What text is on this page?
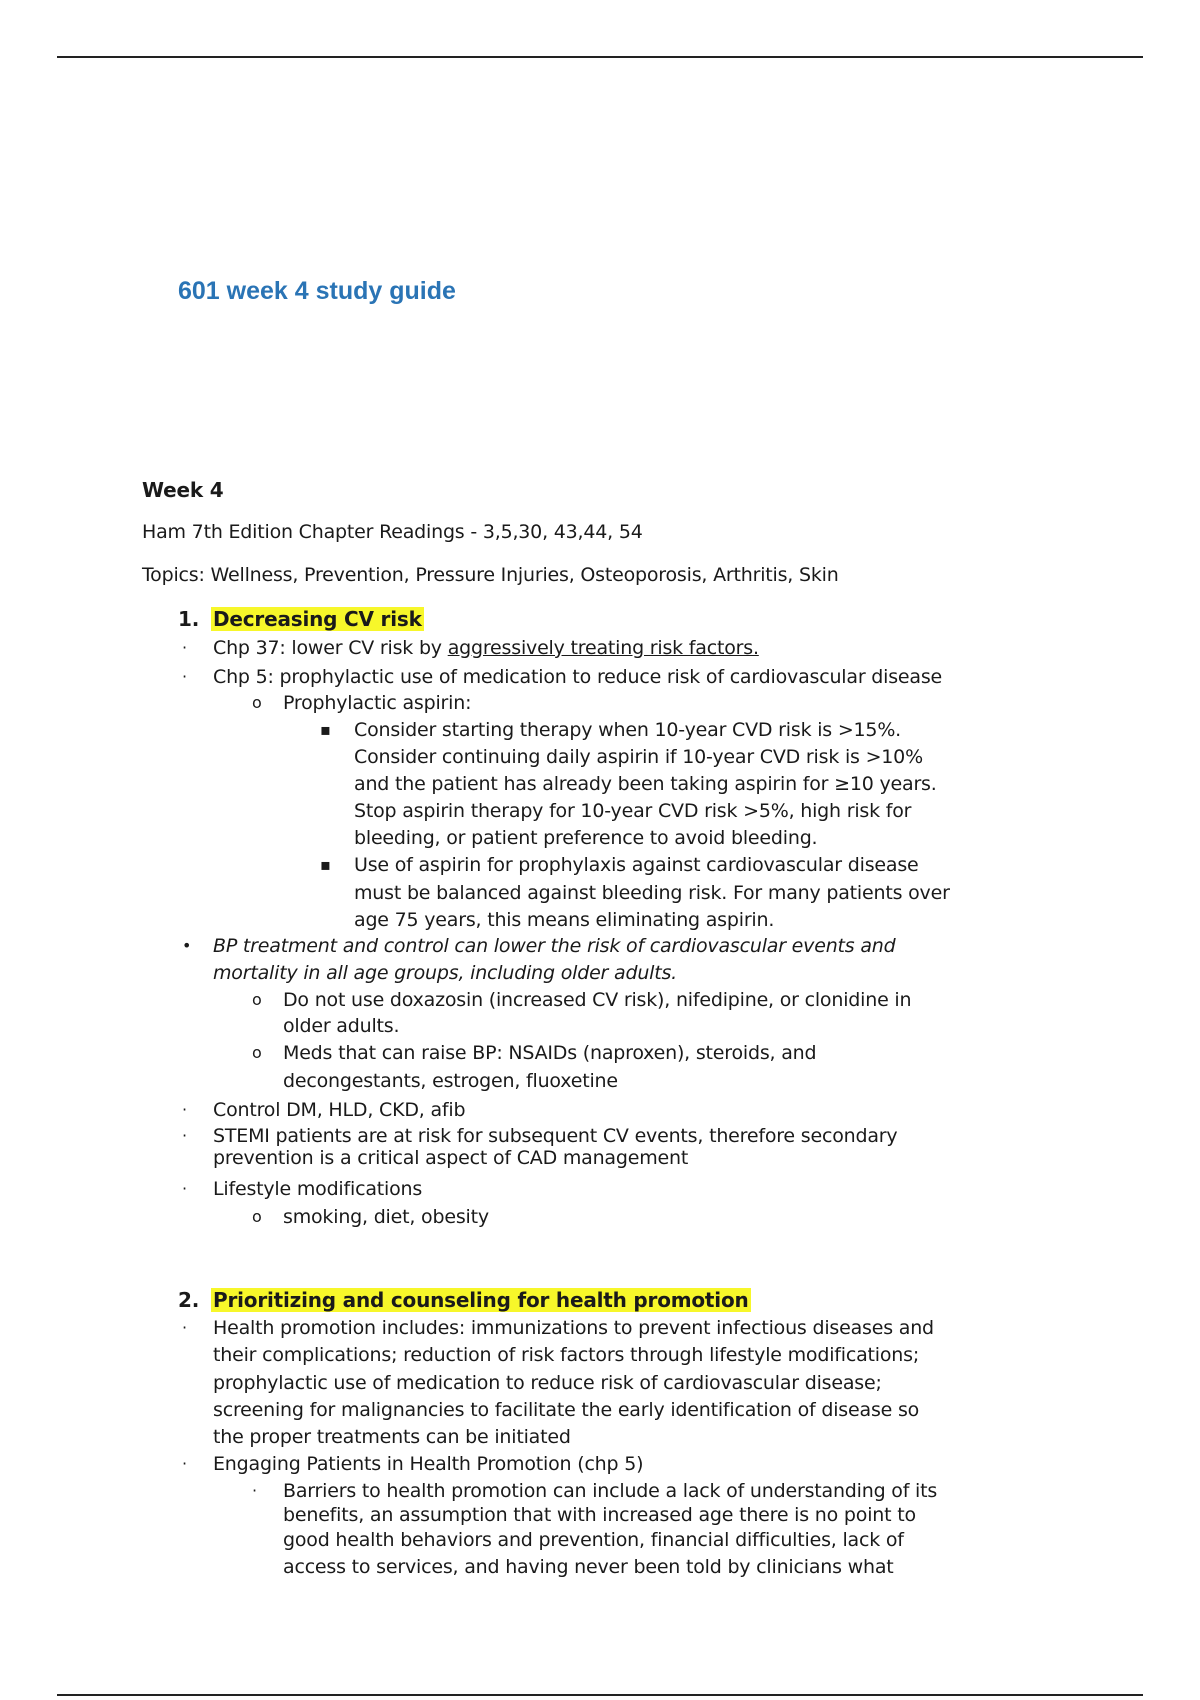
601 week 4 study guide
Week 4
Ham 7th Edition Chapter Readings - 3,5,30, 43,44, 54
Topics: Wellness, Prevention, Pressure Injuries, Osteoporosis, Arthritis, Skin
1. Decreasing CV risk
· Chp 37: lower CV risk by aggressively treating risk factors.
· Chp 5: prophylactic use of medication to reduce risk of cardiovascular disease
o Prophylactic aspirin:
▪ Consider starting therapy when 10-year CVD risk is >15%.
Consider continuing daily aspirin if 10-year CVD risk is >10%
and the patient has already been taking aspirin for ≥10 years.
Stop aspirin therapy for 10-year CVD risk >5%, high risk for
bleeding, or patient preference to avoid bleeding.
▪ Use of aspirin for prophylaxis against cardiovascular disease
must be balanced against bleeding risk. For many patients over
age 75 years, this means eliminating aspirin.
• BP treatment and control can lower the risk of cardiovascular events and
mortality in all age groups, including older adults.
o Do not use doxazosin (increased CV risk), nifedipine, or clonidine in
older adults.
o Meds that can raise BP: NSAIDs (naproxen), steroids, and
decongestants, estrogen, fluoxetine
· Control DM, HLD, CKD, afib
· STEMI patients are at risk for subsequent CV events, therefore secondary
prevention is a critical aspect of CAD management
· Lifestyle modifications
o smoking, diet, obesity
2. Prioritizing and counseling for health promotion
· Health promotion includes: immunizations to prevent infectious diseases and
their complications; reduction of risk factors through lifestyle modifications;
prophylactic use of medication to reduce risk of cardiovascular disease;
screening for malignancies to facilitate the early identification of disease so
the proper treatments can be initiated
· Engaging Patients in Health Promotion (chp 5)
· Barriers to health promotion can include a lack of understanding of its
benefits, an assumption that with increased age there is no point to
good health behaviors and prevention, financial difficulties, lack of
access to services, and having never been told by clinicians what
